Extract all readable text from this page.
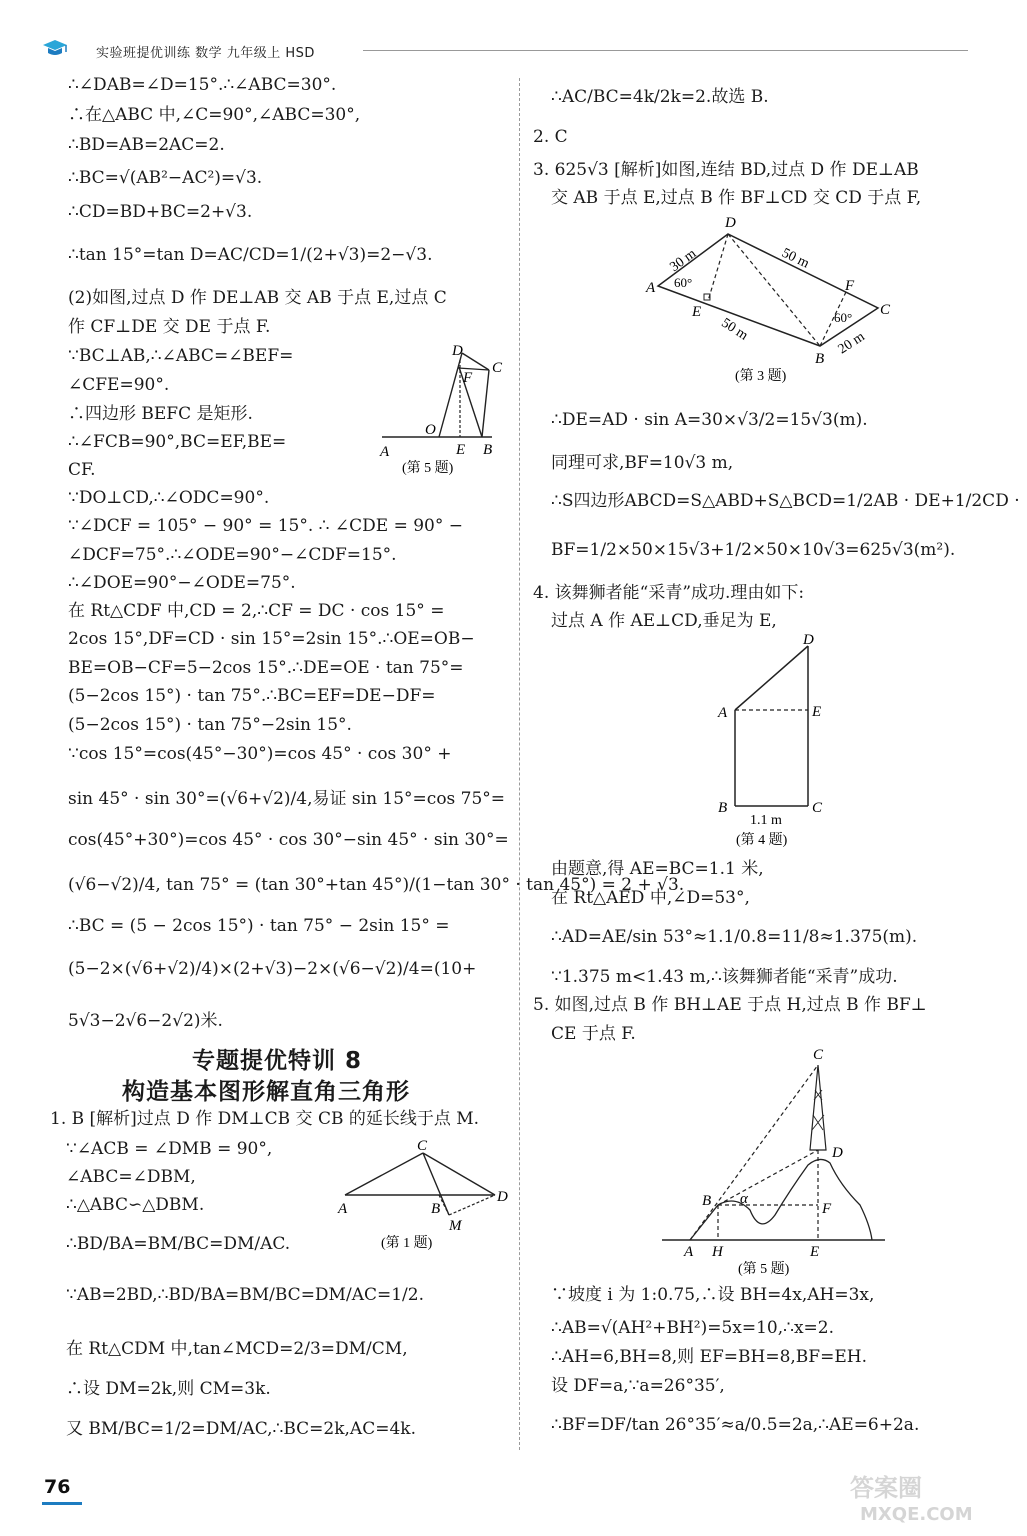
实验班提优训练 数学 九年级上 HSD
∴∠DAB=∠D=15°.∴∠ABC=30°.
∴在△ABC 中,∠C=90°,∠ABC=30°,
∴BD=AB=2AC=2.
∴BC=√(AB²−AC²)=√3.
∴CD=BD+BC=2+√3.
∴tan 15°=tan D=AC/CD=1/(2+√3)=2−√3.
(2)如图,过点 D 作 DE⊥AB 交 AB 于点 E,过点 C
作 CF⊥DE 交 DE 于点 F.
∵BC⊥AB,∴∠ABC=∠BEF=
∠CFE=90°.
∴四边形 BEFC 是矩形.
∴∠FCB=90°,BC=EF,BE=
CF.
∵DO⊥CD,∴∠ODC=90°.
∵∠DCF = 105° − 90° = 15°. ∴ ∠CDE = 90° −
∠DCF=75°.∴∠ODE=90°−∠CDF=15°.
∴∠DOE=90°−∠ODE=75°.
在 Rt△CDF 中,CD = 2,∴CF = DC · cos 15° =
2cos 15°,DF=CD · sin 15°=2sin 15°.∴OE=OB−
BE=OB−CF=5−2cos 15°.∴DE=OE · tan 75°=
(5−2cos 15°) · tan 75°.∴BC=EF=DE−DF=
(5−2cos 15°) · tan 75°−2sin 15°.
∵cos 15°=cos(45°−30°)=cos 45° · cos 30° +
sin 45° · sin 30°=(√6+√2)/4,易证 sin 15°=cos 75°=
cos(45°+30°)=cos 45° · cos 30°−sin 45° · sin 30°=
(√6−√2)/4, tan 75° = (tan 30°+tan 45°)/(1−tan 30° · tan 45°) = 2 + √3.
∴BC = (5 − 2cos 15°) · tan 75° − 2sin 15° =
(5−2×(√6+√2)/4)×(2+√3)−2×(√6−√2)/4=(10+
5√3−2√6−2√2)米.
D
C
F
O
E B
A
(第 5 题)
专题提优特训 8
构造基本图形解直角三角形
1. B [解析]过点 D 作 DM⊥CB 交 CB 的延长线于点 M.
∵∠ACB = ∠DMB = 90°,
∠ABC=∠DBM,
∴△ABC∽△DBM.
∴BD/BA=BM/BC=DM/AC.
∵AB=2BD,∴BD/BA=BM/BC=DM/AC=1/2.
在 Rt△CDM 中,tan∠MCD=2/3=DM/CM,
∴设 DM=2k,则 CM=3k.
又 BM/BC=1/2=DM/AC,∴BC=2k,AC=4k.
C
A	B
D
M
(第 1 题)
∴AC/BC=4k/2k=2.故选 B.
2. C
3. 625√3 [解析]如图,连结 BD,过点 D 作 DE⊥AB
交 AB 于点 E,过点 B 作 BF⊥CD 交 CD 于点 F,
∴DE=AD · sin A=30×√3/2=15√3(m).
同理可求,BF=10√3 m,
∴S四边形ABCD=S△ABD+S△BCD=1/2AB · DE+1/2CD ·
BF=1/2×50×15√3+1/2×50×10√3=625√3(m²).
4. 该舞狮者能“采青”成功.理由如下:
过点 A 作 AE⊥CD,垂足为 E,
由题意,得 AE=BC=1.1 米,
在 Rt△AED 中,∠D=53°,
∴AD=AE/sin 53°≈1.1/0.8=11/8≈1.375(m).
∵1.375 m<1.43 m,∴该舞狮者能“采青”成功.
5. 如图,过点 B 作 BH⊥AE 于点 H,过点 B 作 BF⊥
CE 于点 F.
∵坡度 i 为 1:0.75,∴设 BH=4x,AH=3x,
∴AB=√(AH²+BH²)=5x=10,∴x=2.
∴AH=6,BH=8,则 EF=BH=8,BF=EH.
设 DF=a,∵a=26°35′,
∴BF=DF/tan 26°35′≈a/0.5=2a,∴AE=6+2a.
D
A
C
B
E
F
30 m	50 m
50 m	20 m
60°
60°
(第 3 题)
D
A	E
B	C
1.1 m
(第 4 题)
C
D
F
B α
A H	E
(第 5 题)
76	答案圈
MXQE.COM
